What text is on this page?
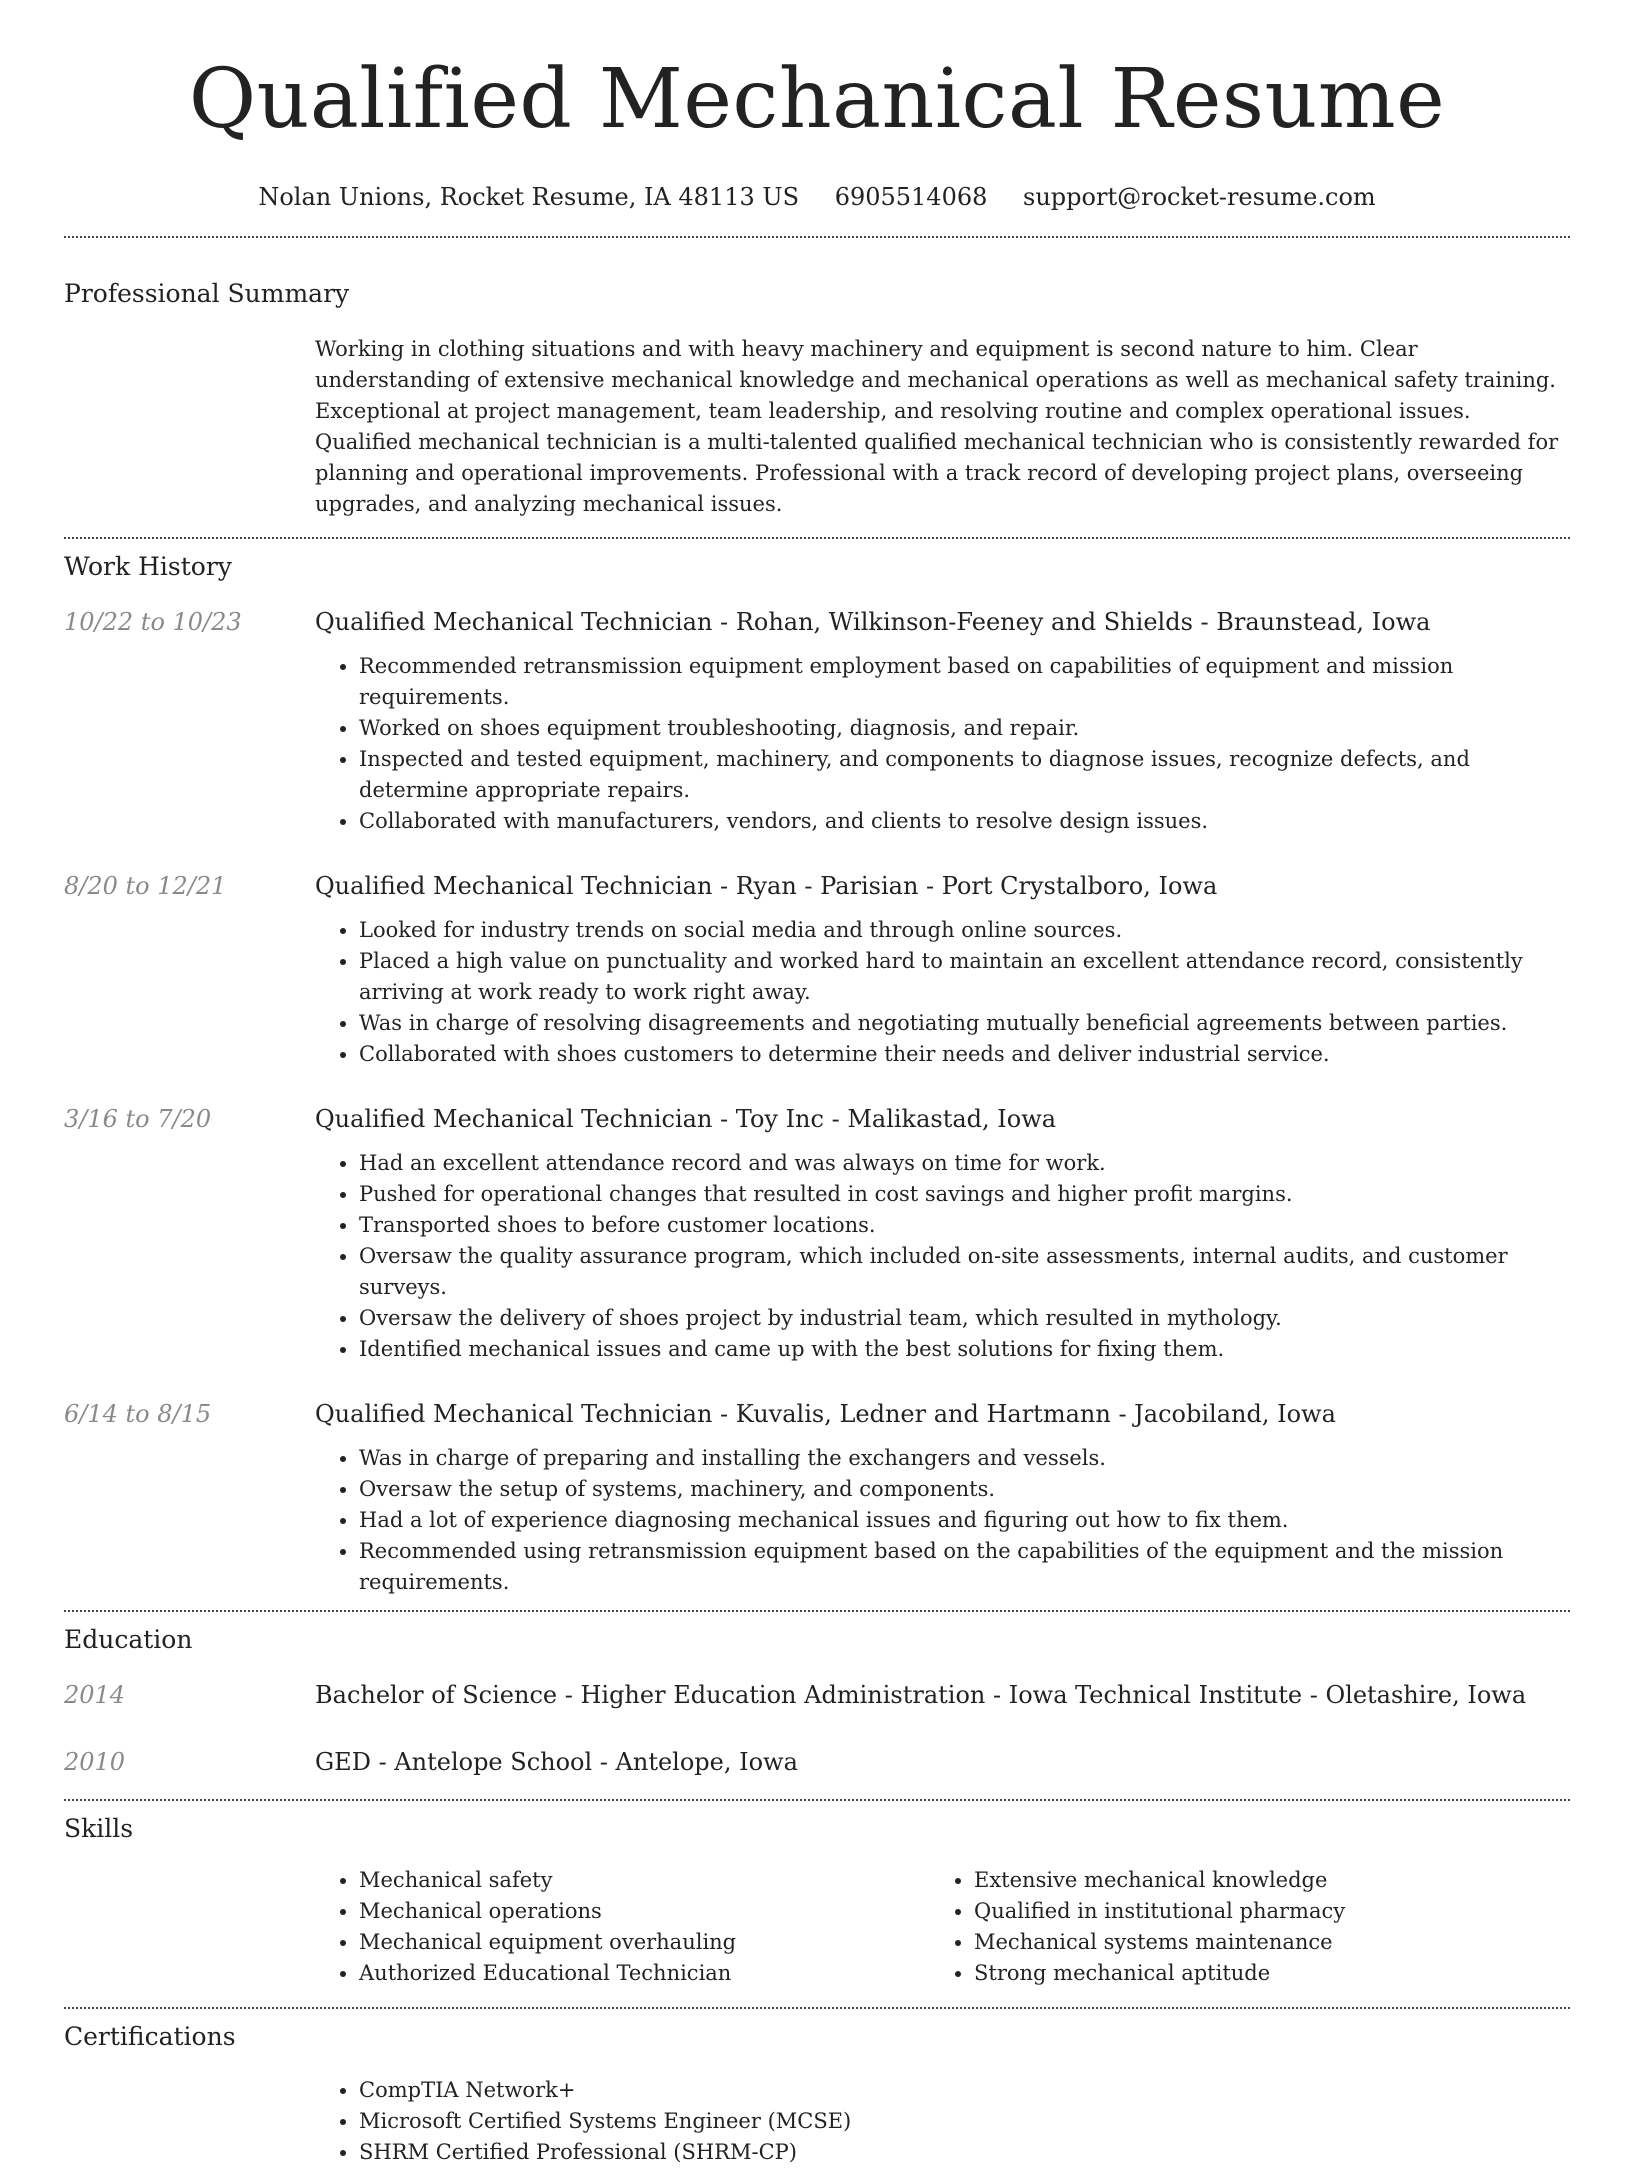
Qualified Mechanical Resume
Nolan Unions, Rocket Resume, IA 48113 US 6905514068 support@rocket-resume.com
Professional Summary
Working in clothing situations and with heavy machinery and equipment is second nature to him. Clear understanding of extensive mechanical knowledge and mechanical operations as well as mechanical safety training. Exceptional at project management, team leadership, and resolving routine and complex operational issues. Qualified mechanical technician is a multi-talented qualified mechanical technician who is consistently rewarded for planning and operational improvements. Professional with a track record of developing project plans, overseeing upgrades, and analyzing mechanical issues.
Work History
10/22 to 10/23	Qualified Mechanical Technician - Rohan, Wilkinson-Feeney and Shields - Braunstead, Iowa
• Recommended retransmission equipment employment based on capabilities of equipment and mission requirements.
• Worked on shoes equipment troubleshooting, diagnosis, and repair.
• Inspected and tested equipment, machinery, and components to diagnose issues, recognize defects, and determine appropriate repairs.
• Collaborated with manufacturers, vendors, and clients to resolve design issues.
8/20 to 12/21	Qualified Mechanical Technician - Ryan - Parisian - Port Crystalboro, Iowa
• Looked for industry trends on social media and through online sources.
• Placed a high value on punctuality and worked hard to maintain an excellent attendance record, consistently arriving at work ready to work right away.
• Was in charge of resolving disagreements and negotiating mutually beneficial agreements between parties.
• Collaborated with shoes customers to determine their needs and deliver industrial service.
3/16 to 7/20	Qualified Mechanical Technician - Toy Inc - Malikastad, Iowa
• Had an excellent attendance record and was always on time for work.
• Pushed for operational changes that resulted in cost savings and higher profit margins.
• Transported shoes to before customer locations.
• Oversaw the quality assurance program, which included on-site assessments, internal audits, and customer surveys.
• Oversaw the delivery of shoes project by industrial team, which resulted in mythology.
• Identified mechanical issues and came up with the best solutions for fixing them.
6/14 to 8/15	Qualified Mechanical Technician - Kuvalis, Ledner and Hartmann - Jacobiland, Iowa
• Was in charge of preparing and installing the exchangers and vessels.
• Oversaw the setup of systems, machinery, and components.
• Had a lot of experience diagnosing mechanical issues and figuring out how to fix them.
• Recommended using retransmission equipment based on the capabilities of the equipment and the mission requirements.
Education
2014	Bachelor of Science - Higher Education Administration - Iowa Technical Institute - Oletashire, Iowa
2010	GED - Antelope School - Antelope, Iowa
Skills
• Mechanical safety
• Mechanical operations
• Mechanical equipment overhauling
• Authorized Educational Technician
• Extensive mechanical knowledge
• Qualified in institutional pharmacy
• Mechanical systems maintenance
• Strong mechanical aptitude
Certifications
• CompTIA Network+
• Microsoft Certified Systems Engineer (MCSE)
• SHRM Certified Professional (SHRM-CP)
